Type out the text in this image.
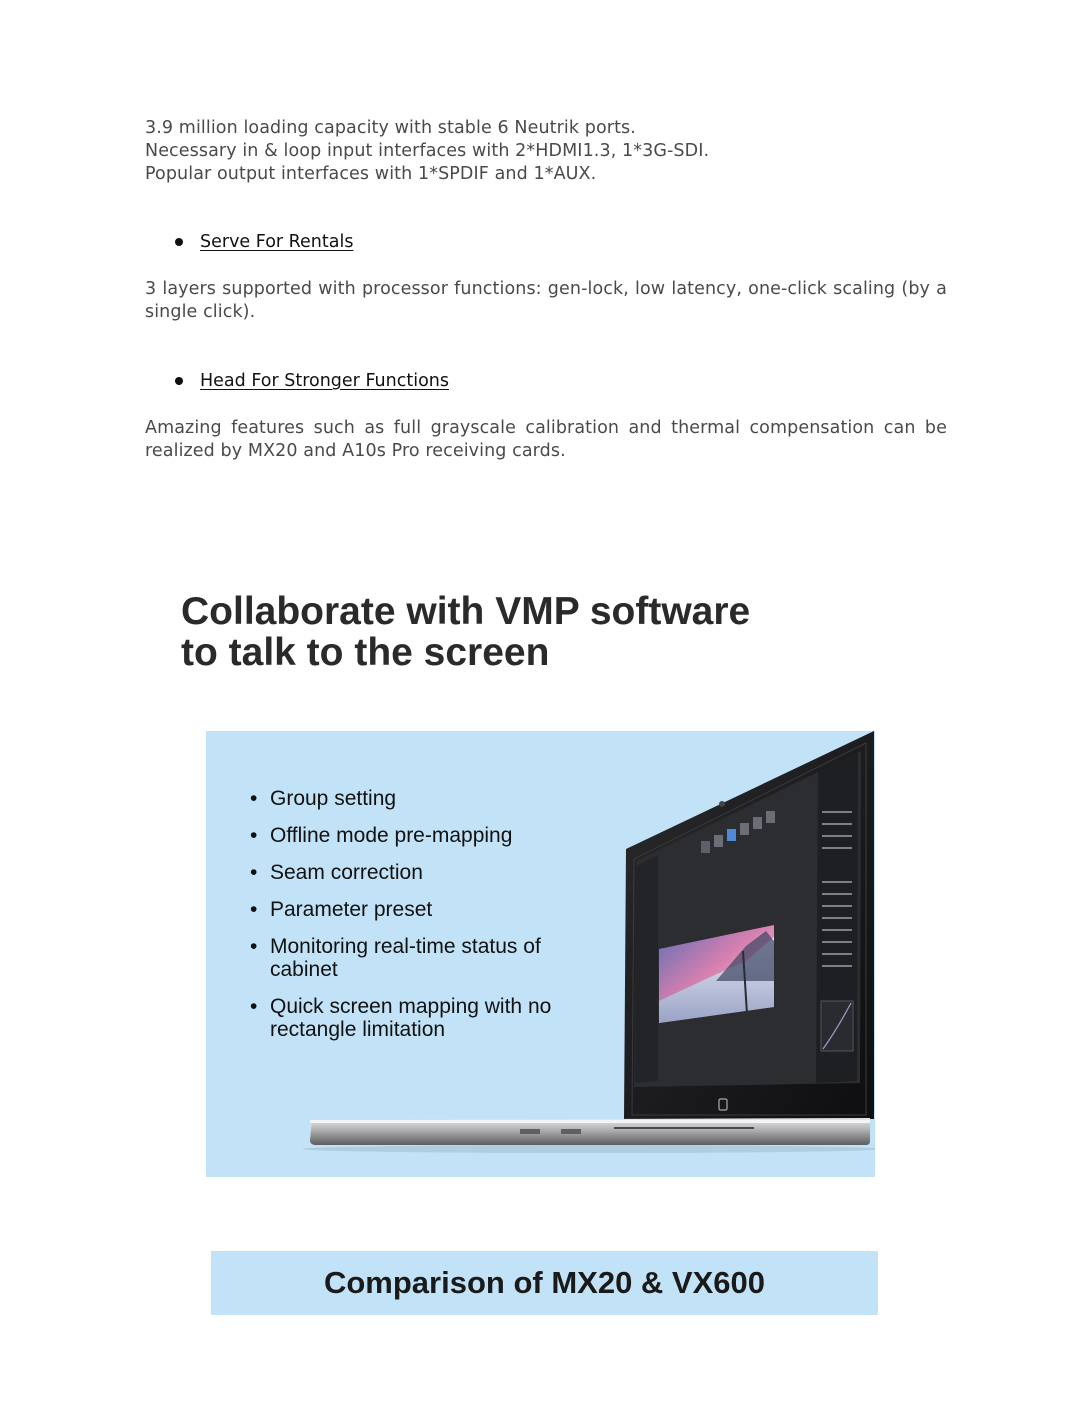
3.9 million loading capacity with stable 6 Neutrik ports.
Necessary in & loop input interfaces with 2*HDMI1.3, 1*3G-SDI.
Popular output interfaces with 1*SPDIF and 1*AUX.
Serve For Rentals
3 layers supported with processor functions: gen-lock, low latency, one-click scaling (by a single click).
Head For Stronger Functions
Amazing features such as full grayscale calibration and thermal compensation can be realized by MX20 and A10s Pro receiving cards.
Collaborate with VMP software
to talk to the screen
• Group setting
• Offline mode pre-mapping
• Seam correction
• Parameter preset
• Monitoring real-time status of cabinet
• Quick screen mapping with no rectangle limitation
Comparison of MX20 & VX600
